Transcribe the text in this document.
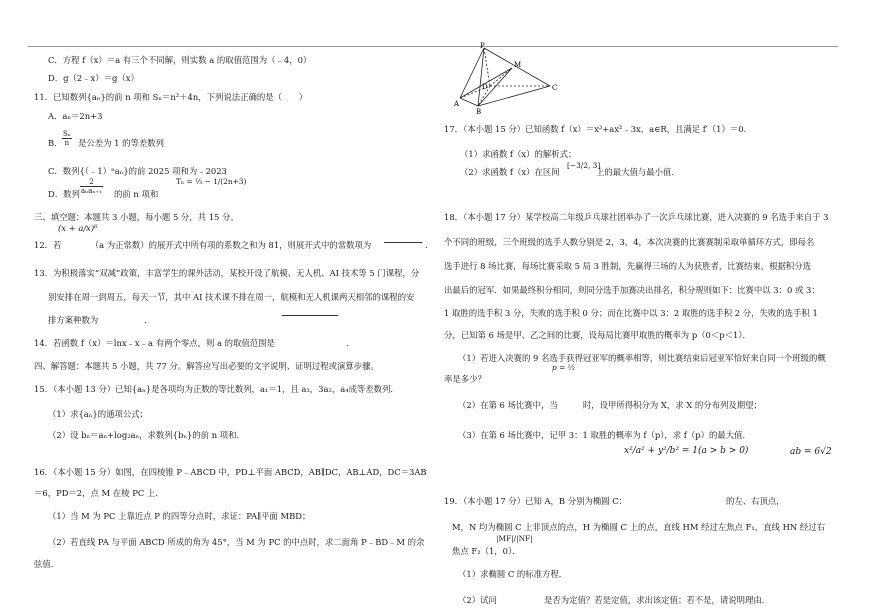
C．方程 f（x）＝a 有三个不同解，则实数 a 的取值范围为（﹣4，0）
D．g（2﹣x）＝g（x）
11．已知数列{aₙ}的前 n 项和 Sₙ＝n²＋4n，下列说法正确的是（　　）
A．aₙ＝2n+3
B． $\frac{\text{Sₙ}}{n}$ 是公差为 1 的等差数列
C．数列{（﹣1）ⁿaₙ}的前 2025 项和为﹣2023
D．数列
2
aₙaₙ₊₁ 的前 n 项和
Tₙ = ⅓ − 1/(2n+3)
三、填空题：本题共 3 小题，每小题 5 分，共 15 分。
(x + a/x)⁶
12．若　　　　（a 为正常数）的展开式中所有项的系数之和为 81，则展开式中的常数项为	．
13．为积极落实“双减”政策，丰富学生的课外活动，某校开设了航模、无人机、AI 技术等 5 门课程，分
别安排在周一到周五，每天一节，其中 AI 技术课不排在周一，航模和无人机课两天相邻的课程的安
排方案种数为	．
14．若函数 f（x）＝lnx﹣x﹣a 有两个零点，则 a 的取值范围是	．
四、解答题：本题共 5 小题，共 77 分。解答应写出必要的文字说明、证明过程或演算步骤。
15．（本小题 13 分）已知{aₙ}是各项均为正数的等比数列，a₁＝1，且 a₃，3a₂，a₄成等差数列．
（1）求{aₙ}的通项公式；
（2）设 bₙ＝aₙ+log₂aₙ，求数列{bₙ}的前 n 项和．
16．（本小题 15 分）如图，在四棱锥 P﹣ABCD 中，PD⊥平面 ABCD，AB∥DC，AB⊥AD，DC＝3AB
＝6，PD＝2，点 M 在棱 PC 上．
（1）当 M 为 PC 上靠近点 P 的四等分点时，求证：PA∥平面 MBD；
（2）若直线 PA 与平面 ABCD 所成的角为 45°，当 M 为 PC 的中点时，求二面角 P﹣BD﹣M 的余
弦值．
P
M
D
A
B
C
17．（本小题 15 分）已知函数 f（x）＝x³+ax²﹣3x，a∈R，且满足 f′（1）＝0．
（1）求函数 f（x）的解析式；
（2）求函数 f（x）在区间
[−3/2, 3]
上的最大值与最小值．
18．（本小题 17 分）某学校高二年级乒乓球社团举办了一次乒乓球比赛，进入决赛的 9 名选手来自于 3
个不同的班级，三个班级的选手人数分别是 2，3，4，本次决赛的比赛赛制采取单循环方式，即每名
选手进行 8 场比赛，每场比赛采取 5 局 3 胜制，先赢得三场的人为获胜者，比赛结束，根据积分选
出最后的冠军．如果最终积分相同，则同分选手加赛决出排名，积分规则如下：比赛中以 3：0 或 3：
1 取胜的选手积 3 分，失败的选手积 0 分；而在比赛中以 3：2 取胜的选手积 2 分，失败的选手积 1
分，已知第 6 场是甲、乙之间的比赛，设每局比赛甲取胜的概率为 p（0＜p＜1）．
（1）若进入决赛的 9 名选手获得冠亚军的概率相等，则比赛结束后冠亚军恰好来自同一个班级的概
率是多少？
p = ⅔
（2）在第 6 场比赛中，当　　　时，设甲所得积分为 X，求 X 的分布列及期望；
（3）在第 6 场比赛中，记甲 3：1 取胜的概率为 f（p），求 f（p）的最大值．
x²/a² + y²/b² = 1(a > b > 0)	ab = 6√2
19．（本小题 17 分）已知 A，B 分别为椭圆 C：	的左、右顶点，
M，N 均为椭圆 C 上非顶点的点，H 为椭圆 C 上的点，直线 HM 经过左焦点 F₁，直线 HN 经过右
|MF|/|NF|
焦点 F₂（1，0）．
（1）求椭圆 C 的标准方程．
（2）试问	是否为定值？若是定值，求出该定值；若不是，请说明理由．
